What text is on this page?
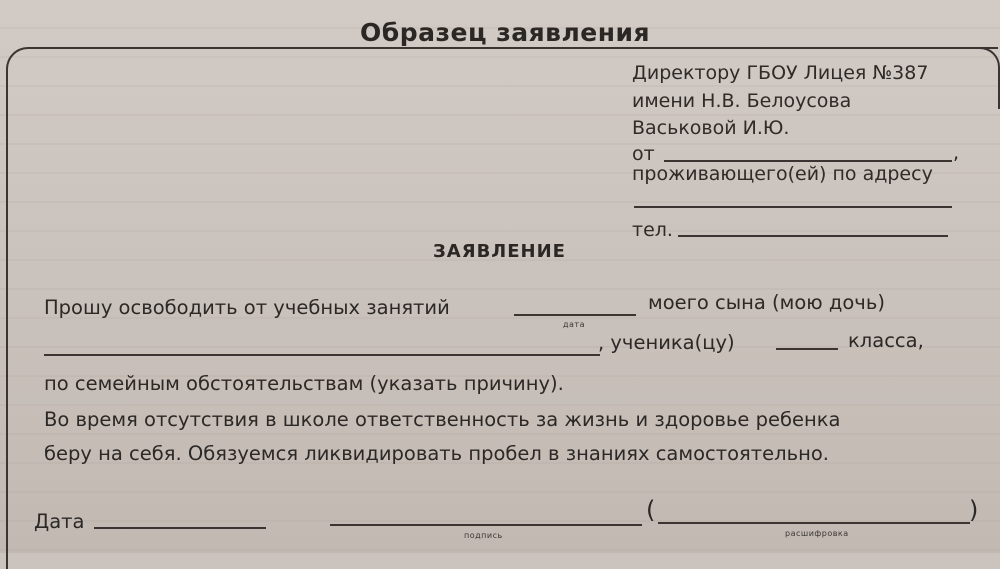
Образец заявления
Директору ГБОУ Лицея №387
имени Н.В. Белоусова
Васьковой И.Ю.
от	,
проживающего(ей) по адресу
тел.
ЗАЯВЛЕНИЕ
Прошу освободить от учебных занятий
дата
моего сына (мою дочь)
, ученика(цу)	класса,
по семейным обстоятельствам (указать причину).
Во время отсутствия в школе ответственность за жизнь и здоровье ребенка
беру на себя. Обязуемся ликвидировать пробел в знаниях самостоятельно.
Дата
подпись
(	)
расшифровка
